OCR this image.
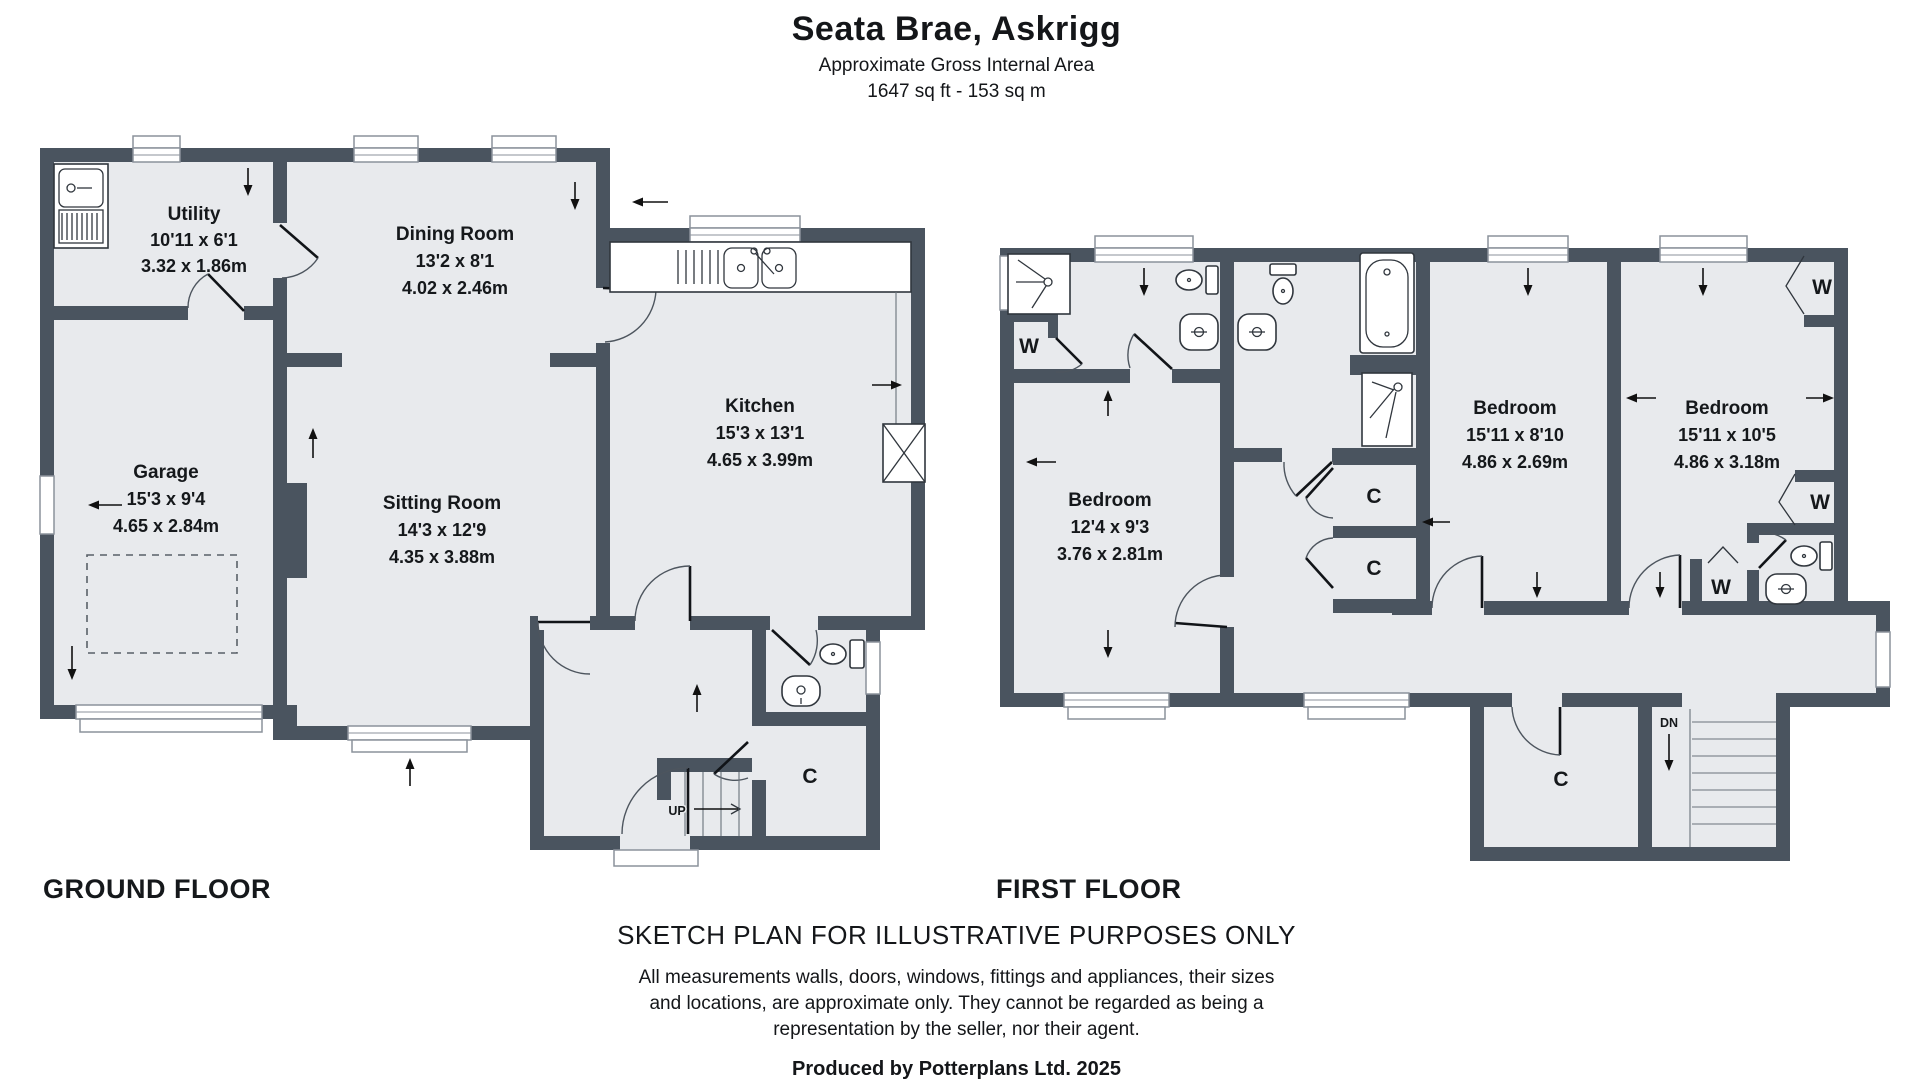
Seata Brae, Askrigg
Approximate Gross Internal Area
1647 sq ft - 153 sq m
UP
Utility
10'11 x 6'1
3.32 x 1.86m
Dining Room
13'2 x 8'1
4.02 x 2.46m
Garage
15'3 x 9'4
4.65 x 2.84m
Sitting Room
14'3 x 12'9
4.35 x 3.88m
Kitchen
15'3 x 13'1
4.65 x 3.99m
C
DN
Bedroom
12'4 x 9'3
3.76 x 2.81m
Bedroom
15'11 x 8'10
4.86 x 2.69m
Bedroom
15'11 x 10'5
4.86 x 3.18m
W
W
W
W
C
C
C
GROUND FLOOR	FIRST FLOOR
SKETCH PLAN FOR ILLUSTRATIVE PURPOSES ONLY
All measurements walls, doors, windows, fittings and appliances, their sizes and locations, are approximate only. They cannot be regarded as being a representation by the seller, nor their agent.
Produced by Potterplans Ltd. 2025
